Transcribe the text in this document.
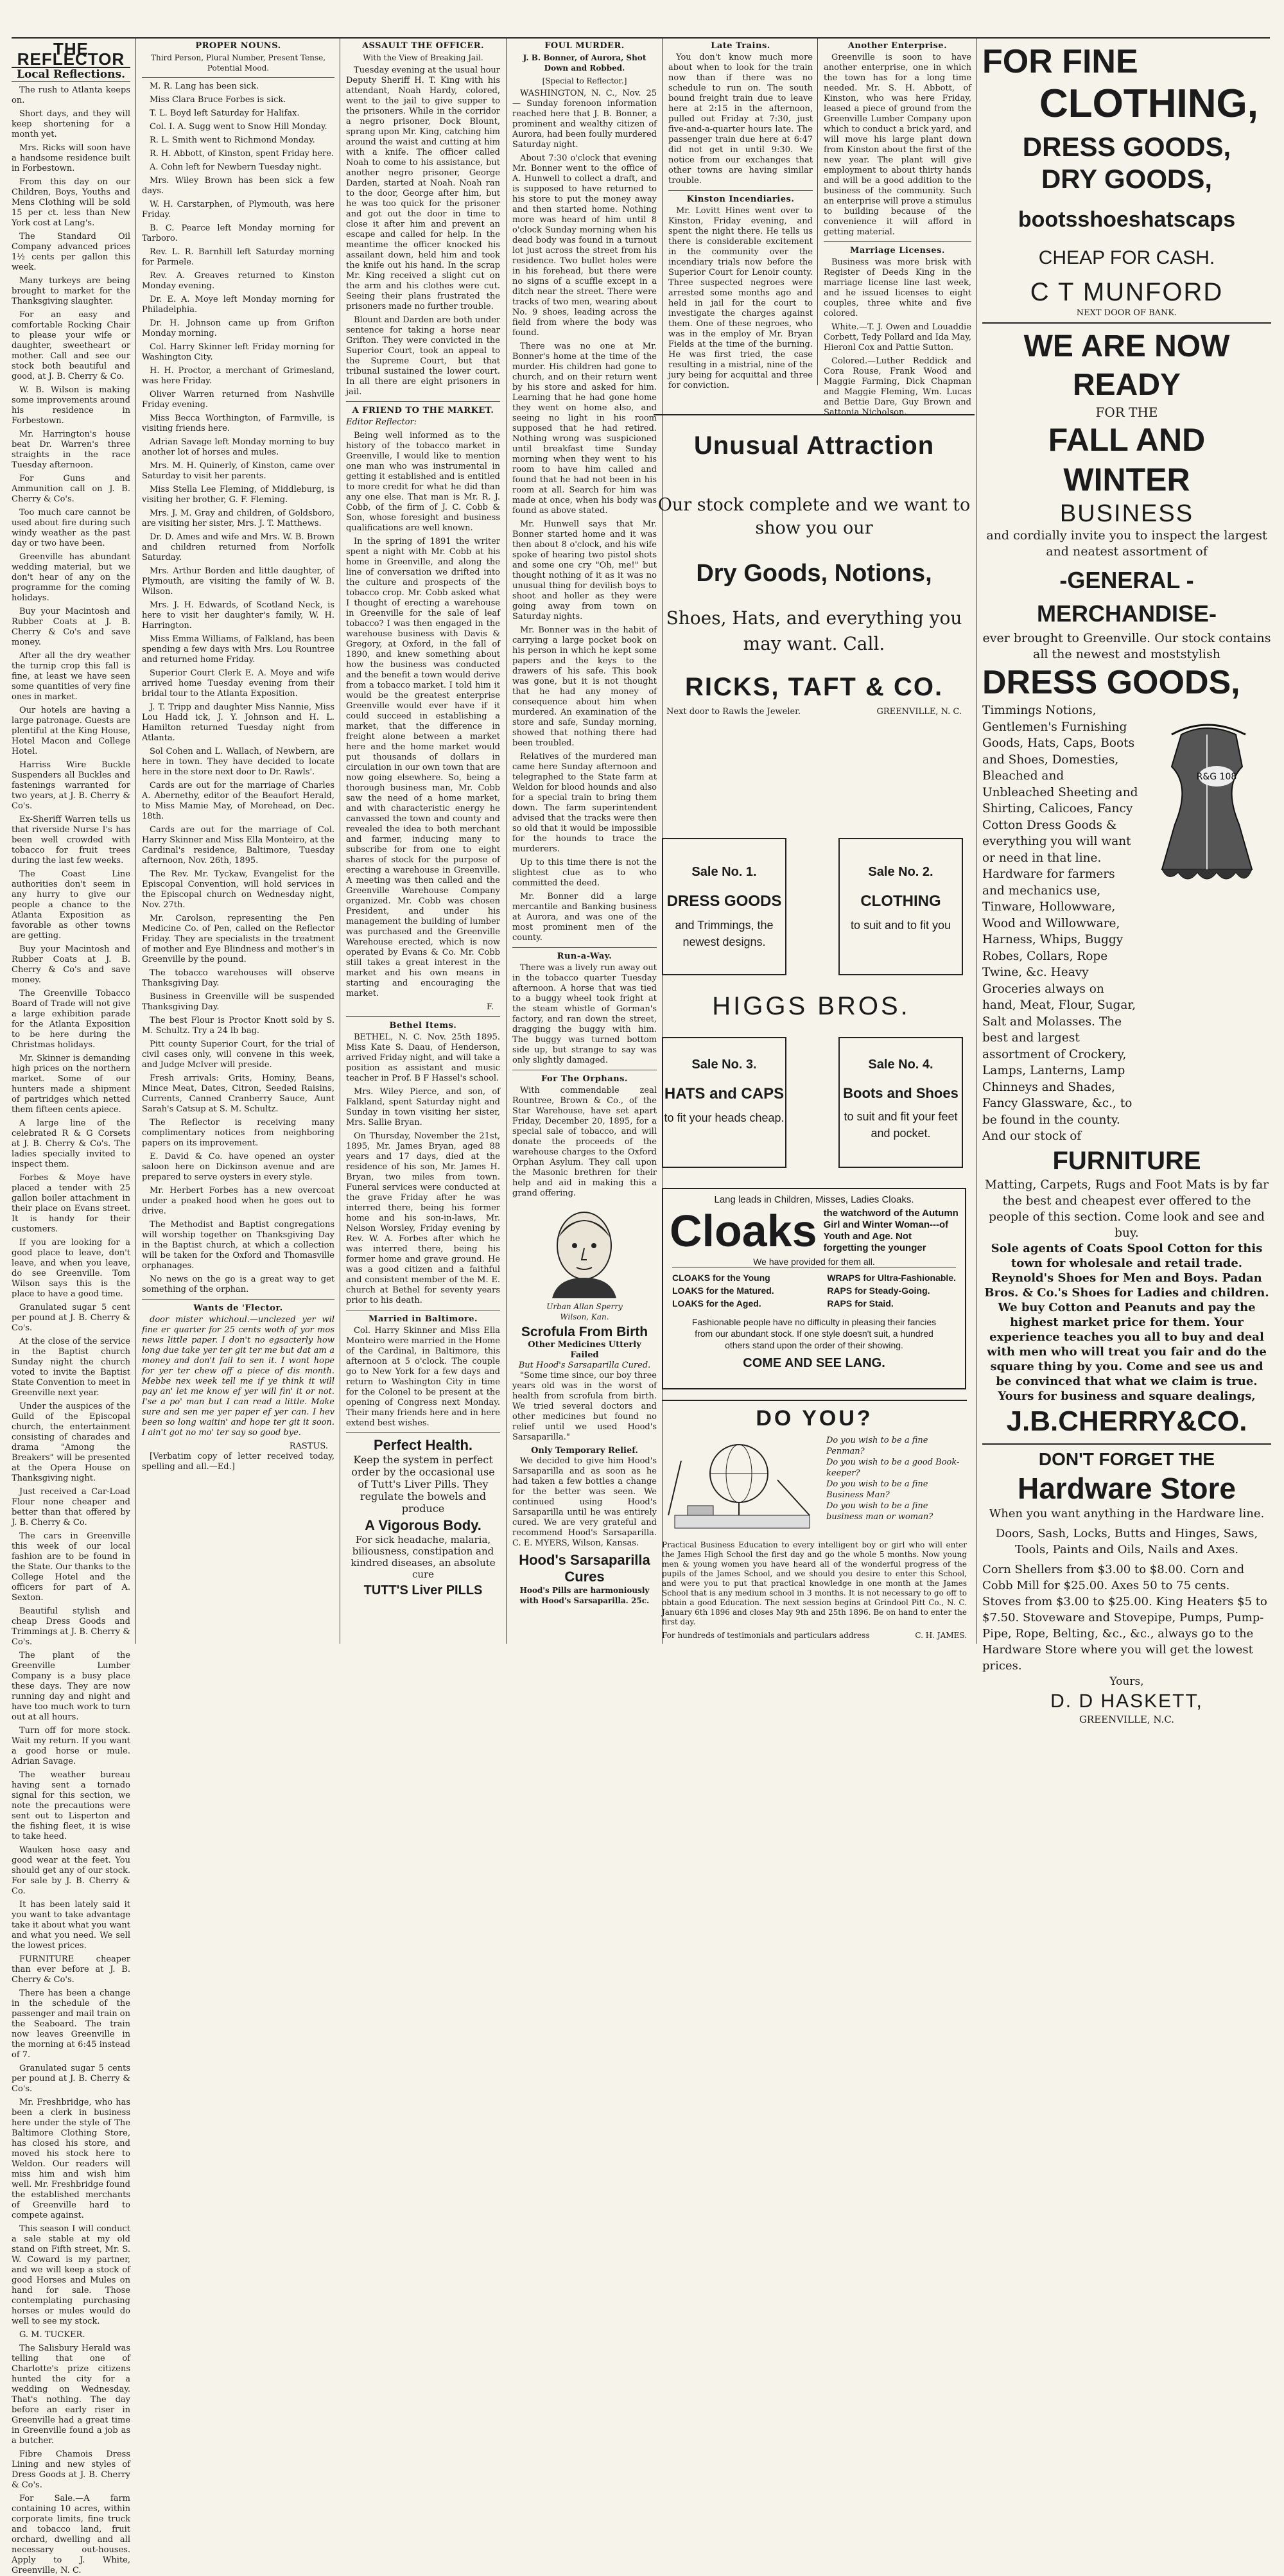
THE REFLECTOR
Local Reflections.

The rush to Atlanta keeps on.

Short days, and they will keep shortening for a month yet.

Mrs. Ricks will soon have a handsome residence built in Forbestown.

From this day on our Children, Boys, Youths and Mens Clothing will be sold 15 per ct. less than New York cost at Lang's.

The Standard Oil Company advanced prices 1½ cents per gallon this week.

Many turkeys are being brought to market for the Thanksgiving slaughter.

For an easy and comfortable Rocking Chair to please your wife or daughter, sweetheart or mother. Call and see our stock both beautiful and good, at J. B. Cherry & Co.

W. B. Wilson is making some improvements around his residence in Forbestown.

Mr. Harrington's house beat Dr. Warren's three straights in the race Tuesday afternoon.

For Guns and Ammunition call on J. B. Cherry & Co's.

Too much care cannot be used about fire during such windy weather as the past day or two have been.

Greenville has abundant wedding material, but we don't hear of any on the programme for the coming holidays.

Buy your Macintosh and Rubber Coats at J. B. Cherry & Co's and save money.

After all the dry weather the turnip crop this fall is fine, at least we have seen some quantities of very fine ones in market.

Our hotels are having a large patronage. Guests are plentiful at the King House, Hotel Macon and College Hotel.

Harriss Wire Buckle Suspenders all Buckles and fastenings warranted for two years, at J. B. Cherry & Co's.

Ex-Sheriff Warren tells us that riverside Nurse I's has been well crowded with tobacco for fruit trees during the last few weeks.

The Coast Line authorities don't seem in any hurry to give our people a chance to the Atlanta Exposition as favorable as other towns are getting.

Buy your Macintosh and Rubber Coats at J. B. Cherry & Co's and save money.

The Greenville Tobacco Board of Trade will not give a large exhibition parade for the Atlanta Exposition to be here during the Christmas holidays.

Mr. Skinner is demanding high prices on the northern market. Some of our hunters made a shipment of partridges which netted them fifteen cents apiece.

A large line of the celebrated R & G Corsets at J. B. Cherry & Co's. The ladies specially invited to inspect them.

Forbes & Moye have placed a tender with 25 gallon boiler attachment in their place on Evans street. It is handy for their customers.

If you are looking for a good place to leave, don't leave, and when you leave, do see Greenville. Tom Wilson says this is the place to have a good time.

Granulated sugar 5 cent per pound at J. B. Cherry & Co's.

At the close of the service in the Baptist church Sunday night the church voted to invite the Baptist State Convention to meet in Greenville next year.

Under the auspices of the Guild of the Episcopal church, the entertainment consisting of charades and drama "Among the Breakers" will be presented at the Opera House on Thanksgiving night.

Just received a Car-Load Flour none cheaper and better than that offered by J. B. Cherry & Co.

The cars in Greenville this week of our local fashion are to be found in the State. Our thanks to the College Hotel and the officers for part of A. Sexton.

Beautiful stylish and cheap Dress Goods and Trimmings at J. B. Cherry & Co's.

The plant of the Greenville Lumber Company is a busy place these days. They are now running day and night and have too much work to turn out at all hours.

Turn off for more stock. Wait my return. If you want a good horse or mule. Adrian Savage.

The weather bureau having sent a tornado signal for this section, we note the precautions were sent out to Lisperton and the fishing fleet, it is wise to take heed.

Wauken hose easy and good wear at the feet. You should get any of our stock. For sale by J. B. Cherry & Co.

It has been lately said it you want to take advantage take it about what you want and what you need. We sell the lowest prices.

FURNITURE cheaper than ever before at J. B. Cherry & Co's.

There has been a change in the schedule of the passenger and mail train on the Seaboard. The train now leaves Greenville in the morning at 6:45 instead of 7.

Granulated sugar 5 cents per pound at J. B. Cherry & Co's.

Mr. Freshbridge, who has been a clerk in business here under the style of The Baltimore Clothing Store, has closed his store, and moved his stock here to Weldon. Our readers will miss him and wish him well. Mr. Freshbridge found the established merchants of Greenville hard to compete against.

This season I will conduct a sale stable at my old stand on Fifth street, Mr. S. W. Coward is my partner, and we will keep a stock of good Horses and Mules on hand for sale. Those contemplating purchasing horses or mules would do well to see my stock.

G. M. TUCKER.

The Salisbury Herald was telling that one of Charlotte's prize citizens hunted the city for a wedding on Wednesday. That's nothing. The day before an early riser in Greenville had a great time in Greenville found a job as a butcher.

Fibre Chamois Dress Lining and new styles of Dress Goods at J. B. Cherry & Co's.

For Sale.—A farm containing 10 acres, within corporate limits, fine truck and tobacco land, fruit orchard, dwelling and all necessary out-houses. Apply to J. White, Greenville, N. C.

PROPER NOUNS.
Third Person, Plural Number, Present Tense, Potential Mood.

M. R. Lang has been sick.

Miss Clara Bruce Forbes is sick.

T. L. Boyd left Saturday for Halifax.

Col. I. A. Sugg went to Snow Hill Monday.

R. L. Smith went to Richmond Monday.

R. H. Abbott, of Kinston, spent Friday here.

A. Cohn left for Newbern Tuesday night.

Mrs. Wiley Brown has been sick a few days.

W. H. Carstarphen, of Plymouth, was here Friday.

B. C. Pearce left Monday morning for Tarboro.

Rev. L. R. Barnhill left Saturday morning for Parmele.

Rev. A. Greaves returned to Kinston Monday evening.

Dr. E. A. Moye left Monday morning for Philadelphia.

Dr. H. Johnson came up from Grifton Monday morning.

Col. Harry Skinner left Friday morning for Washington City.

H. H. Proctor, a merchant of Grimesland, was here Friday.

Oliver Warren returned from Nashville Friday evening.

Miss Becca Worthington, of Farmville, is visiting friends here.

Adrian Savage left Monday morning to buy another lot of horses and mules.

Mrs. M. H. Quinerly, of Kinston, came over Saturday to visit her parents.

Miss Stella Lee Fleming, of Middleburg, is visiting her brother, G. F. Fleming.

Mrs. J. M. Gray and children, of Goldsboro, are visiting her sister, Mrs. J. T. Matthews.

Dr. D. Ames and wife and Mrs. W. B. Brown and children returned from Norfolk Saturday.

Mrs. Arthur Borden and little daughter, of Plymouth, are visiting the family of W. B. Wilson.

Mrs. J. H. Edwards, of Scotland Neck, is here to visit her daughter's family, W. H. Harrington.

Miss Emma Williams, of Falkland, has been spending a few days with Mrs. Lou Rountree and returned home Friday.

Superior Court Clerk E. A. Moye and wife arrived home Tuesday evening from their bridal tour to the Atlanta Exposition.

J. T. Tripp and daughter Miss Nannie, Miss Lou Hadd ick, J. Y. Johnson and H. L. Hamilton returned Tuesday night from Atlanta.

Sol Cohen and L. Wallach, of Newbern, are here in town. They have decided to locate here in the store next door to Dr. Rawls'.

Cards are out for the marriage of Charles A. Abernethy, editor of the Beaufort Herald, to Miss Mamie May, of Morehead, on Dec. 18th.

Cards are out for the marriage of Col. Harry Skinner and Miss Ella Monteiro, at the Cardinal's residence, Baltimore, Tuesday afternoon, Nov. 26th, 1895.

The Rev. Mr. Tyckaw, Evangelist for the Episcopal Convention, will hold services in the Episcopal church on Wednesday night, Nov. 27th.

Mr. Carolson, representing the Pen Medicine Co. of Pen, called on the Reflector Friday. They are specialists in the treatment of mother and Eye Blindness and mother's in Greenville by the pound.

The tobacco warehouses will observe Thanksgiving Day.

Business in Greenville will be suspended Thanksgiving Day.

The best Flour is Proctor Knott sold by S. M. Schultz. Try a 24 lb bag.

Pitt county Superior Court, for the trial of civil cases only, will convene in this week, and Judge McIver will preside.

Fresh arrivals: Grits, Hominy, Beans, Mince Meat, Dates, Citron, Seeded Raisins, Currents, Canned Cranberry Sauce, Aunt Sarah's Catsup at S. M. Schultz.

The Reflector is receiving many complimentary notices from neighboring papers on its improvement.

E. David & Co. have opened an oyster saloon here on Dickinson avenue and are prepared to serve oysters in every style.

Mr. Herbert Forbes has a new overcoat under a peaked hood when he goes out to drive.

The Methodist and Baptist congregations will worship together on Thanksgiving Day in the Baptist church, at which a collection will be taken for the Oxford and Thomasville orphanages.

No news on the go is a great way to get something of the orphan.

Wants de 'Flector.

door mister whichoul.—unclezed yer wil fine er quarter for 25 cents woth of yor mos news little paper. I don't no egsacterly how long due take yer ter git ter me but dat am a money and don't fail to sen it. I wont hope for yer ter chew off a piece of dis month. Mebbe nex week tell me if ye think it will pay an' let me know ef yer will fin' it or not. I'se a po' man but I can read a little. Make sure and sen me yer paper ef yer can. I hev been so long waitin' and hope ter git it soon. I ain't got no mo' ter say so good bye.

RASTUS.

[Verbatim copy of letter received today, spelling and all.—Ed.]

ASSAULT THE OFFICER.
With the View of Breaking Jail.

Tuesday evening at the usual hour Deputy Sheriff H. T. King with his attendant, Noah Hardy, colored, went to the jail to give supper to the prisoners. While in the corridor a negro prisoner, Dock Blount, sprang upon Mr. King, catching him around the waist and cutting at him with a knife. The officer called Noah to come to his assistance, but another negro prisoner, George Darden, started at Noah. Noah ran to the door, George after him, but he was too quick for the prisoner and got out the door in time to close it after him and prevent an escape and called for help. In the meantime the officer knocked his assailant down, held him and took the knife out his hand. In the scrap Mr. King received a slight cut on the arm and his clothes were cut. Seeing their plans frustrated the prisoners made no further trouble.

Blount and Darden are both under sentence for taking a horse near Grifton. They were convicted in the Superior Court, took an appeal to the Supreme Court, but that tribunal sustained the lower court. In all there are eight prisoners in jail.

A FRIEND TO THE MARKET.

Editor Reflector:

Being well informed as to the history of the tobacco market in Greenville, I would like to mention one man who was instrumental in getting it established and is entitled to more credit for what he did than any one else. That man is Mr. R. J. Cobb, of the firm of J. C. Cobb & Son, whose foresight and business qualifications are well known.

In the spring of 1891 the writer spent a night with Mr. Cobb at his home in Greenville, and along the line of conversation we drifted into the culture and prospects of the tobacco crop. Mr. Cobb asked what I thought of erecting a warehouse in Greenville for the sale of leaf tobacco? I was then engaged in the warehouse business with Davis & Gregory, at Oxford, in the fall of 1890, and knew something about how the business was conducted and the benefit a town would derive from a tobacco market. I told him it would be the greatest enterprise Greenville would ever have if it could succeed in establishing a market, that the difference in freight alone between a market here and the home market would put thousands of dollars in circulation in our own town that are now going elsewhere. So, being a thorough business man, Mr. Cobb saw the need of a home market, and with characteristic energy he canvassed the town and county and revealed the idea to both merchant and farmer, inducing many to subscribe for from one to eight shares of stock for the purpose of erecting a warehouse in Greenville. A meeting was then called and the Greenville Warehouse Company organized. Mr. Cobb was chosen President, and under his management the building of lumber was purchased and the Greenville Warehouse erected, which is now operated by Evans & Co. Mr. Cobb still takes a great interest in the market and his own means in starting and encouraging the market.

F.
Bethel Items.

BETHEL, N. C. Nov. 25th 1895. Miss Kate S. Daau, of Henderson, arrived Friday night, and will take a position as assistant and music teacher in Prof. B F Hassel's school.

Mrs. Wiley Pierce, and son, of Falkland, spent Saturday night and Sunday in town visiting her sister, Mrs. Sallie Bryan.

On Thursday, November the 21st, 1895, Mr. James Bryan, aged 88 years and 17 days, died at the residence of his son, Mr. James H. Bryan, two miles from town. Funeral services were conducted at the grave Friday after he was interred there, being his former home and his son-in-laws, Mr. Nelson Worsley, Friday evening by Rev. W. A. Forbes after which he was interred there, being his former home and grave ground. He was a good citizen and a faithful and consistent member of the M. E. church at Bethel for seventy years prior to his death.

Married in Baltimore.

Col. Harry Skinner and Miss Ella Monteiro were married in the Home of the Cardinal, in Baltimore, this afternoon at 5 o'clock. The couple go to New York for a few days and return to Washington City in time for the Colonel to be present at the opening of Congress next Monday. Their many friends here and in here extend best wishes.

Perfect Health.
Keep the system in perfect order by the occasional use of Tutt's Liver Pills. They regulate the bowels and produce
A Vigorous Body.
For sick headache, malaria, biliousness, constipation and kindred diseases, an absolute cure
TUTT'S Liver PILLS
FOUL MURDER.
J. B. Bonner, of Aurora, Shot Down and Robbed.
[Special to Reflector.]

WASHINGTON, N. C., Nov. 25 — Sunday forenoon information reached here that J. B. Bonner, a prominent and wealthy citizen of Aurora, had been foully murdered Saturday night.

About 7:30 o'clock that evening Mr. Bonner went to the office of A. Hunwell to collect a draft, and is supposed to have returned to his store to put the money away and then started home. Nothing more was heard of him until 8 o'clock Sunday morning when his dead body was found in a turnout lot just across the street from his residence. Two bullet holes were in his forehead, but there were no signs of a scuffle except in a ditch near the street. There were tracks of two men, wearing about No. 9 shoes, leading across the field from where the body was found.

There was no one at Mr. Bonner's home at the time of the murder. His children had gone to church, and on their return went by his store and asked for him. Learning that he had gone home they went on home also, and seeing no light in his room supposed that he had retired. Nothing wrong was suspicioned until breakfast time Sunday morning when they went to his room to have him called and found that he had not been in his room at all. Search for him was made at once, when his body was found as above stated.

Mr. Hunwell says that Mr. Bonner started home and it was then about 8 o'clock, and his wife spoke of hearing two pistol shots and some one cry "Oh, me!" but thought nothing of it as it was no unusual thing for devilish boys to shoot and holler as they were going away from town on Saturday nights.

Mr. Bonner was in the habit of carrying a large pocket book on his person in which he kept some papers and the keys to the drawers of his safe. This book was gone, but it is not thought that he had any money of consequence about him when murdered. An examination of the store and safe, Sunday morning, showed that nothing there had been troubled.

Relatives of the murdered man came here Sunday afternoon and telegraphed to the State farm at Weldon for blood hounds and also for a special train to bring them down. The farm superintendent advised that the tracks were then so old that it would be impossible for the hounds to trace the murderers.

Up to this time there is not the slightest clue as to who committed the deed.

Mr. Bonner did a large mercantile and Banking business at Aurora, and was one of the most prominent men of the county.

Run-a-Way.

There was a lively run away out in the tobacco quarter Tuesday afternoon. A horse that was tied to a buggy wheel took fright at the steam whistle of Gorman's factory, and ran down the street, dragging the buggy with him. The buggy was turned bottom side up, but strange to say was only slightly damaged.

For The Orphans.

With commendable zeal Rountree, Brown & Co., of the Star Warehouse, have set apart Friday, December 20, 1895, for a special sale of tobacco, and will donate the proceeds of the warehouse charges to the Oxford Orphan Asylum. They call upon the Masonic brethren for their help and aid in making this a grand offering.

Urban Allan Sperry
Wilson, Kan.
Scrofula From Birth
Other Medicines Utterly Failed
But Hood's Sarsaparilla Cured.

"Some time since, our boy three years old was in the worst of health from scrofula from birth. We tried several doctors and other medicines but found no relief until we used Hood's Sarsaparilla."

Only Temporary Relief.

We decided to give him Hood's Sarsaparilla and as soon as he had taken a few bottles a change for the better was seen. We continued using Hood's Sarsaparilla until he was entirely cured. We are very grateful and recommend Hood's Sarsaparilla. C. E. MYERS, Wilson, Kansas.

Hood's Sarsaparilla Cures
Hood's Pills are harmoniously with Hood's Sarsaparilla. 25c.
Late Trains.

You don't know much more about when to look for the train now than if there was no schedule to run on. The south bound freight train due to leave here at 2:15 in the afternoon, pulled out Friday at 7:30, just five-and-a-quarter hours late. The passenger train due here at 6:47 did not get in until 9:30. We notice from our exchanges that other towns are having similar trouble.

Kinston Incendiaries.

Mr. Lovitt Hines went over to Kinston, Friday evening, and spent the night there. He tells us there is considerable excitement in the community over the incendiary trials now before the Superior Court for Lenoir county. Three suspected negroes were arrested some months ago and held in jail for the court to investigate the charges against them. One of these negroes, who was in the employ of Mr. Bryan Fields at the time of the burning. He was first tried, the case resulting in a mistrial, nine of the jury being for acquittal and three for conviction.

Another Enterprise.

Greenville is soon to have another enterprise, one in which the town has for a long time needed. Mr. S. H. Abbott, of Kinston, who was here Friday, leased a piece of ground from the Greenville Lumber Company upon which to conduct a brick yard, and will move his large plant down from Kinston about the first of the new year. The plant will give employment to about thirty hands and will be a good addition to the business of the community. Such an enterprise will prove a stimulus to building because of the convenience it will afford in getting material.

Marriage Licenses.

Business was more brisk with Register of Deeds King in the marriage license line last week, and he issued licenses to eight couples, three white and five colored.

White.—T. J. Owen and Louaddie Corbett, Tedy Pollard and Ida May, Hieronl Cox and Pattie Sutton.

Colored.—Luther Reddick and Cora Rouse, Frank Wood and Maggie Farming, Dick Chapman and Maggie Fleming, Wm. Lucas and Bettie Dare, Guy Brown and Sattonia Nicholson.

Unusual Attraction
Our stock complete and we want to show you our
Dry Goods, Notions,
Shoes, Hats, and everything you may want. Call.
RICKS, TAFT & CO.
Next door to Rawls the Jeweler.	GREENVILLE, N. C.
Sale No. 1.
DRESS GOODS
and Trimmings, the newest designs.
Sale No. 2.
CLOTHING
to suit and to fit you
HIGGS BROS.
Sale No. 3.
HATS and CAPS
to fit your heads cheap.
Sale No. 4.
Boots and Shoes
to suit and fit your feet and pocket.
Lang leads in Children, Misses, Ladies Cloaks.
Cloaks the watchword of the Autumn Girl and Winter Woman---of Youth and Age. Not forgetting the younger
We have provided for them all.
CLOAKS for the Young
LOAKS for the Matured.
LOAKS for the Aged.
WRAPS for Ultra-Fashionable.
RAPS for Steady-Going.
RAPS for Staid.
Fashionable people have no difficulty in pleasing their fancies from our abundant stock. If one style doesn't suit, a hundred others stand upon the order of their showing.
COME AND SEE LANG.
DO YOU?
Do you wish to be a fine Penman?
Do you wish to be a good Book-keeper?
Do you wish to be a fine Business Man?
Do you wish to be a fine business man or woman?
Practical Business Education to every intelligent boy or girl who will enter the James High School the first day and go the whole 5 months. Now young men & young women you have heard all of the wonderful progress of the pupils of the James School, and we should you desire to enter this School, and were you to put that practical knowledge in one month at the James School that is any medium school in 3 months. It is not necessary to go off to obtain a good Education. The next session begins at Grindool Pitt Co., N. C. January 6th 1896 and closes May 9th and 25th 1896. Be on hand to enter the first day.
For hundreds of testimonials and particulars address	C. H. JAMES.
FOR FINE
CLOTHING,
DRESS GOODS,
DRY GOODS,
bootsshoeshatscaps
CHEAP FOR CASH.
C T MUNFORD
NEXT DOOR OF BANK.
WE ARE NOW READY
FOR THE
FALL AND WINTER
BUSINESS
and cordially invite you to inspect the largest and neatest assortment of
-GENERAL - MERCHANDISE-
ever brought to Greenville. Our stock contains all the newest and moststylish
DRESS GOODS,
Timmings Notions, Gentlemen's Furnishing Goods, Hats, Caps, Boots and Shoes, Domesties, Bleached and Unbleached Sheeting and Shirting, Calicoes, Fancy Cotton Dress Goods & everything you will want or need in that line. Hardware for farmers and mechanics use, Tinware, Hollowware, Wood and Willowware, Harness, Whips, Buggy Robes, Collars, Rope Twine, &c. Heavy Groceries always on hand, Meat, Flour, Sugar, Salt and Molasses. The best and largest assortment of Crockery, Lamps, Lanterns, Lamp Chinneys and Shades, Fancy Glassware, &c., to be found in the county. And our stock of
R&G 108
FURNITURE
Matting, Carpets, Rugs and Foot Mats is by far the best and cheapest ever offered to the people of this section. Come look and see and buy.
Sole agents of Coats Spool Cotton for this town for wholesale and retail trade. Reynold's Shoes for Men and Boys. Padan Bros. & Co.'s Shoes for Ladies and children. We buy Cotton and Peanuts and pay the highest market price for them. Your experience teaches you all to buy and deal with men who will treat you fair and do the square thing by you. Come and see us and be convinced that what we claim is true. Yours for business and square dealings,
J.B.CHERRY&CO.
DON'T FORGET THE
Hardware Store
When you want anything in the Hardware line.
Doors, Sash, Locks, Butts and Hinges, Saws, Tools, Paints and Oils, Nails and Axes.
Corn Shellers from $3.00 to $8.00. Corn and Cobb Mill for $25.00. Axes 50 to 75 cents. Stoves from $3.00 to $25.00. King Heaters $5 to $7.50. Stoveware and Stovepipe, Pumps, Pump-Pipe, Rope, Belting, &c., &c., always go to the Hardware Store where you will get the lowest prices.
Yours,
D. D HASKETT,
GREENVILLE, N.C.
